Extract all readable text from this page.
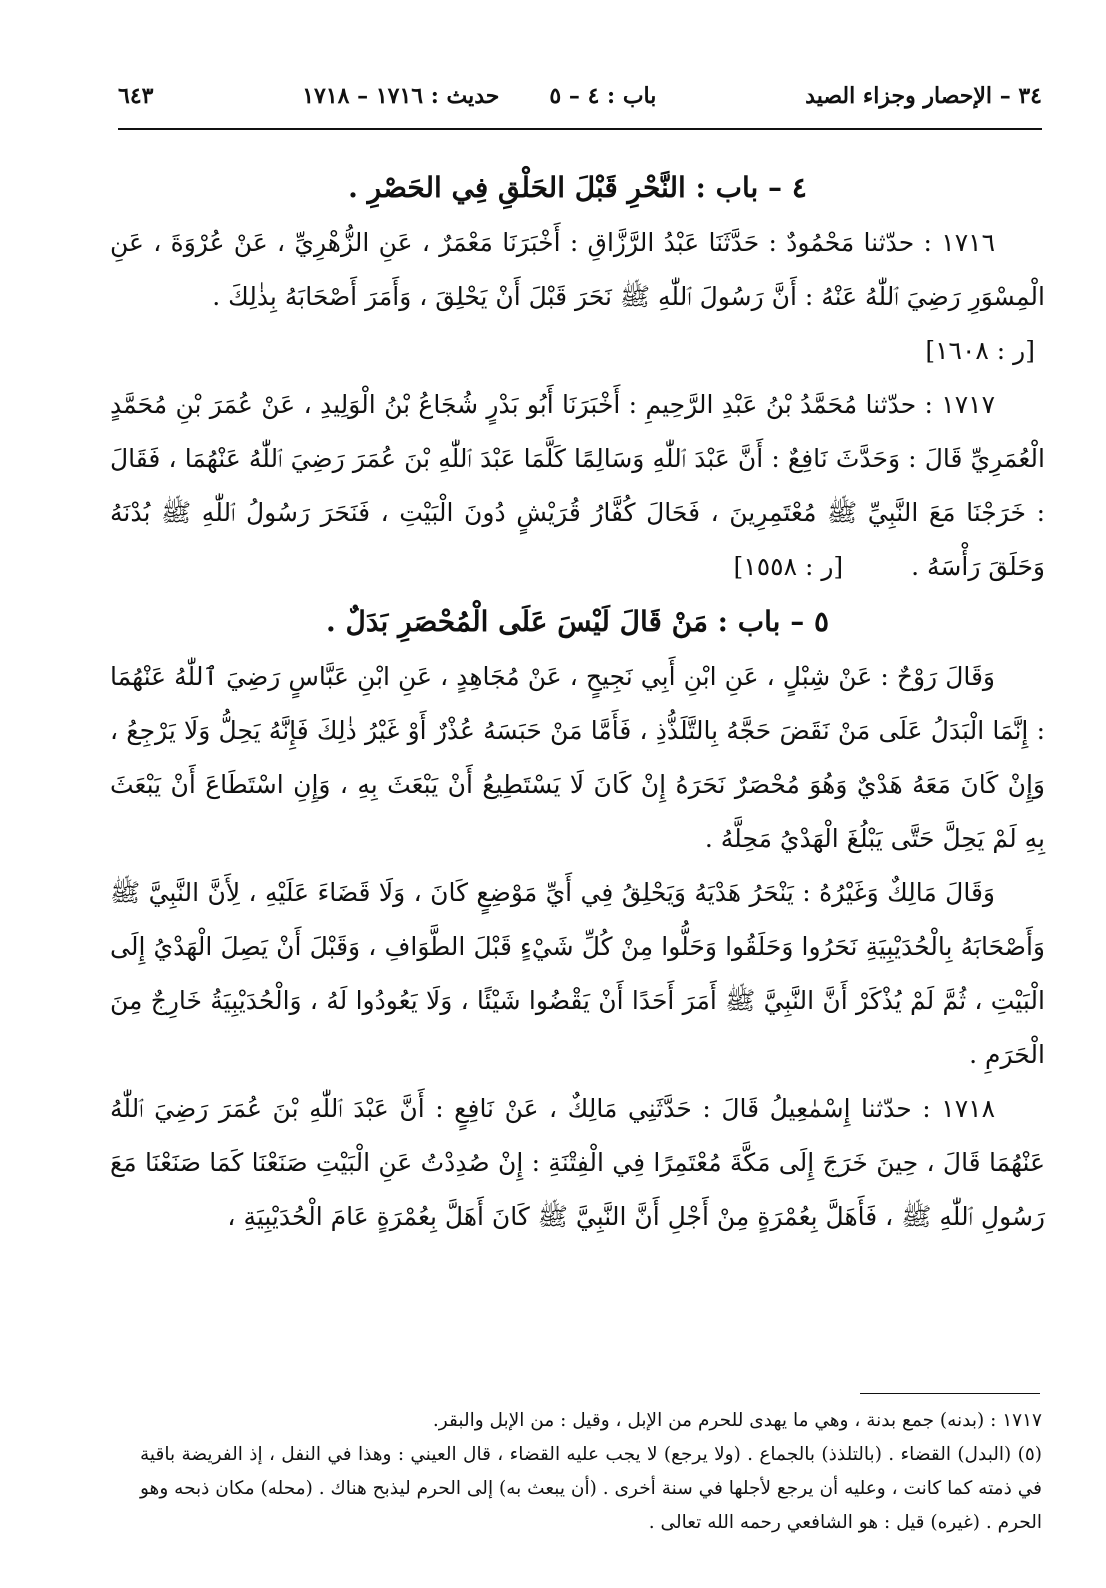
٣٤ – الإحصار وجزاء الصيد
باب : ٤ – ٥
حديث : ١٧١٦ – ١٧١٨
٦٤٣
٤ – باب : النَّحْرِ قَبْلَ الحَلْقِ فِي الحَصْرِ .

١٧١٦ : حدّثنا مَحْمُودٌ : حَدَّثَنَا عَبْدُ الرَّزَّاقِ : أَخْبَرَنَا مَعْمَرٌ ، عَنِ الزُّهْرِيِّ ، عَنْ عُرْوَةَ ، عَنِ الْمِسْوَرِ رَضِيَ ٱللّٰهُ عَنْهُ : أَنَّ رَسُولَ ٱللّٰهِ ﷺ نَحَرَ قَبْلَ أَنْ يَحْلِقَ ، وَأَمَرَ أَصْحَابَهُ بِذٰلِكَ .

[ر : ١٦٠٨]

١٧١٧ : حدّثنا مُحَمَّدُ بْنُ عَبْدِ الرَّحِيمِ : أَخْبَرَنَا أَبُو بَدْرٍ شُجَاعُ بْنُ الْوَلِيدِ ، عَنْ عُمَرَ بْنِ مُحَمَّدٍ الْعُمَرِيِّ قَالَ : وَحَدَّثَ نَافِعٌ : أَنَّ عَبْدَ ٱللّٰهِ وَسَالِمًا كَلَّمَا عَبْدَ ٱللّٰهِ بْنَ عُمَرَ رَضِيَ ٱللّٰهُ عَنْهُمَا ، فَقَالَ : خَرَجْنَا مَعَ النَّبِيِّ ﷺ مُعْتَمِرِينَ ، فَحَالَ كُفَّارُ قُرَيْشٍ دُونَ الْبَيْتِ ، فَنَحَرَ رَسُولُ ٱللّٰهِ ﷺ بُدْنَهُ وَحَلَقَ رَأْسَهُ . [ر : ١٥٥٨]

٥ – باب : مَنْ قَالَ لَيْسَ عَلَى الْمُحْصَرِ بَدَلٌ .

وَقَالَ رَوْحٌ : عَنْ شِبْلٍ ، عَنِ ابْنِ أَبِي نَجِيحٍ ، عَنْ مُجَاهِدٍ ، عَنِ ابْنِ عَبَّاسٍ رَضِيَ ٱللّٰهُ عَنْهُمَا : إِنَّمَا الْبَدَلُ عَلَى مَنْ نَقَضَ حَجَّهُ بِالتَّلَذُّذِ ، فَأَمَّا مَنْ حَبَسَهُ عُذْرٌ أَوْ غَيْرُ ذٰلِكَ فَإِنَّهُ يَحِلُّ وَلَا يَرْجِعُ ، وَإِنْ كَانَ مَعَهُ هَدْيٌ وَهُوَ مُحْصَرٌ نَحَرَهُ إِنْ كَانَ لَا يَسْتَطِيعُ أَنْ يَبْعَثَ بِهِ ، وَإِنِ اسْتَطَاعَ أَنْ يَبْعَثَ بِهِ لَمْ يَحِلَّ حَتَّى يَبْلُغَ الْهَدْيُ مَحِلَّهُ .

وَقَالَ مَالِكٌ وَغَيْرُهُ : يَنْحَرُ هَدْيَهُ وَيَحْلِقُ فِي أَيِّ مَوْضِعٍ كَانَ ، وَلَا قَضَاءَ عَلَيْهِ ، لِأَنَّ النَّبِيَّ ﷺ وَأَصْحَابَهُ بِالْحُدَيْبِيَةِ نَحَرُوا وَحَلَقُوا وَحَلُّوا مِنْ كُلِّ شَيْءٍ قَبْلَ الطَّوَافِ ، وَقَبْلَ أَنْ يَصِلَ الْهَدْيُ إِلَى الْبَيْتِ ، ثُمَّ لَمْ يُذْكَرْ أَنَّ النَّبِيَّ ﷺ أَمَرَ أَحَدًا أَنْ يَقْضُوا شَيْئًا ، وَلَا يَعُودُوا لَهُ ، وَالْحُدَيْبِيَةُ خَارِجٌ مِنَ الْحَرَمِ .

١٧١٨ : حدّثنا إِسْمٰعِيلُ قَالَ : حَدَّثَنِي مَالِكٌ ، عَنْ نَافِعٍ : أَنَّ عَبْدَ ٱللّٰهِ بْنَ عُمَرَ رَضِيَ ٱللّٰهُ عَنْهُمَا قَالَ ، حِينَ خَرَجَ إِلَى مَكَّةَ مُعْتَمِرًا فِي الْفِتْنَةِ : إِنْ صُدِدْتُ عَنِ الْبَيْتِ صَنَعْنَا كَمَا صَنَعْنَا مَعَ رَسُولِ ٱللّٰهِ ﷺ ، فَأَهَلَّ بِعُمْرَةٍ مِنْ أَجْلِ أَنَّ النَّبِيَّ ﷺ كَانَ أَهَلَّ بِعُمْرَةٍ عَامَ الْحُدَيْبِيَةِ ،

١٧١٧ : (بدنه) جمع بدنة ، وهي ما يهدى للحرم من الإبل ، وقيل : من الإبل والبقر.

(٥) (البدل) القضاء . (بالتلذذ) بالجماع . (ولا يرجع) لا يجب عليه القضاء ، قال العيني : وهذا في النفل ، إذ الفريضة باقية في ذمته كما كانت ، وعليه أن يرجع لأجلها في سنة أخرى . (أن يبعث به) إلى الحرم ليذبح هناك . (محله) مكان ذبحه وهو الحرم . (غيره) قيل : هو الشافعي رحمه الله تعالى .
